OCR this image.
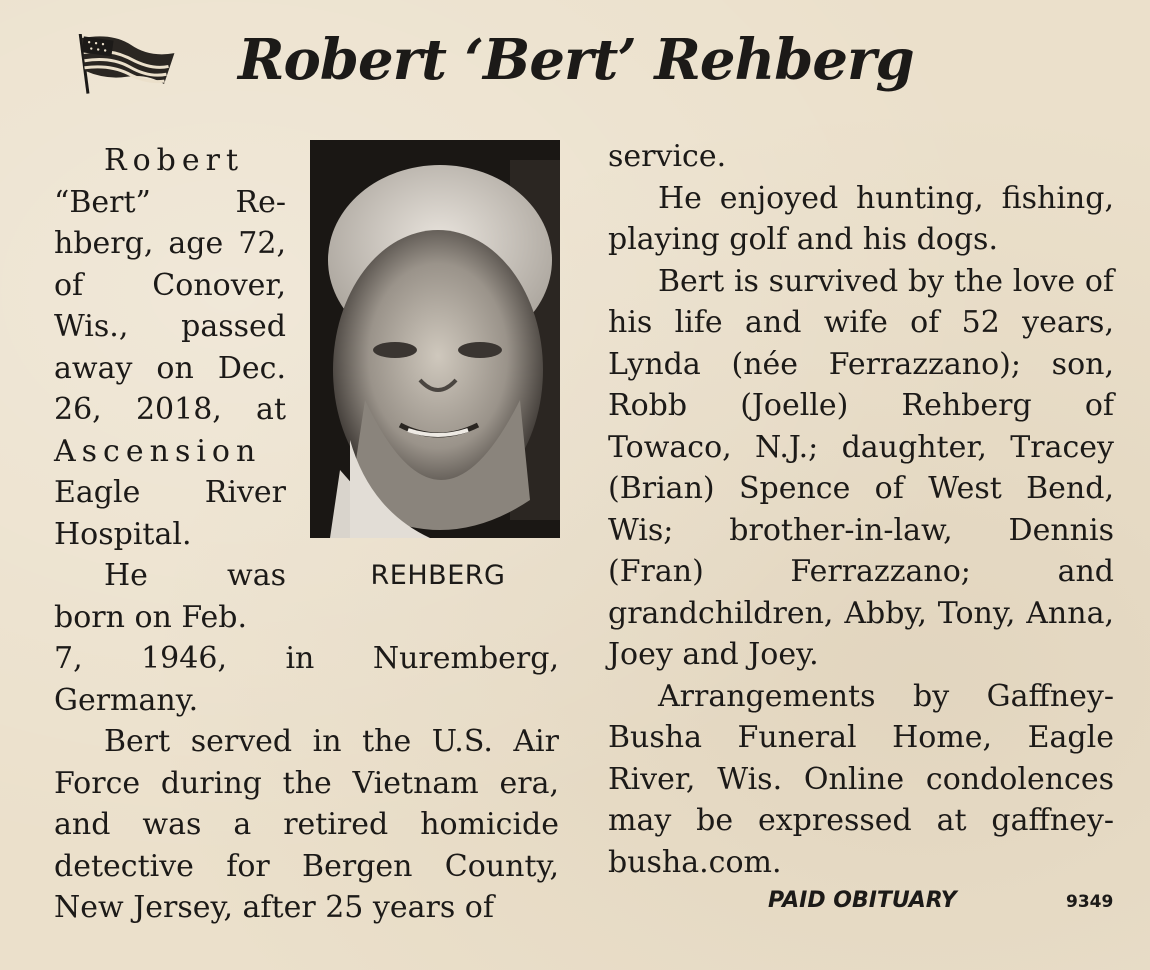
Robert ‘Bert’ Rehberg

Robert

“Bert” Re-

hberg, age 72,

of Conover,

Wis., passed

away on Dec.

26, 2018, at

Ascension

Eagle River

Hospital.

REHBERG

He was

born on Feb.

7, 1946, in Nuremberg, Germany.

Bert served in the U.S. Air Force during the Vietnam era, and was a retired homicide detective for Bergen County, New Jersey, after 25 years of

service.

He enjoyed hunting, fishing, playing golf and his dogs.

Bert is survived by the love of his life and wife of 52 years, Lynda (née Ferrazzano); son, Robb (Joelle) Rehberg of Towaco, N.J.; daughter, Tracey (Brian) Spence of West Bend, Wis; brother-in-law, Dennis (Fran) Ferrazzano; and grandchildren, Abby, Tony, Anna, Joey and Joey.

Arrangements by Gaffney-Busha Funeral Home, Eagle River, Wis. Online condolences may be expressed at gaffney-busha.com.

PAID OBITUARY	9349
